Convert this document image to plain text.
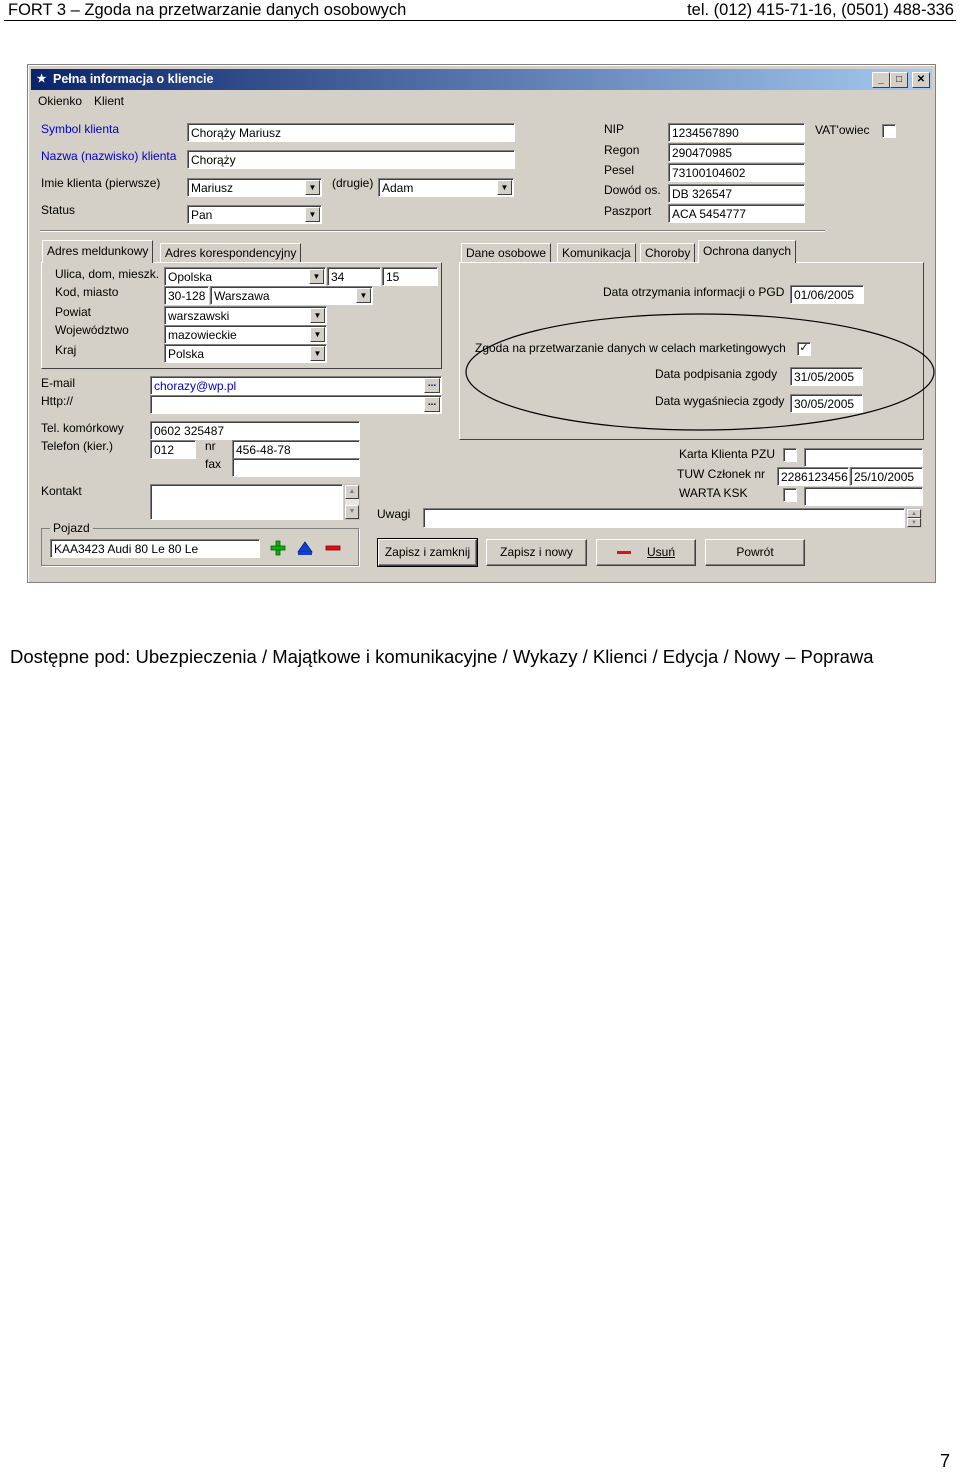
FORT 3 – Zgoda na przetwarzanie danych osobowych	tel. (012) 415-71-16, (0501) 488-336
★ Pełna informacja o kliencie	_	□	✕
Okienko Klient
Symbol klienta	Chorąży Mariusz
Nazwa (nazwisko) klienta	Chorąży
Imie klienta (pierwsze)	Mariusz	▼ (drugie) Adam	▼
Status	Pan	▼
NIP	1234567890
Regon	290470985
Pesel	73100104602
Dowód os. DB 326547
Paszport	ACA 5454777
VAT'owiec
Adres meldunkowy	Adres korespondencyjny
Ulica, dom, mieszk. Opolska	▼ 34	15
Kod, miasto	30-128 Warszawa	▼
Powiat	warszawski	▼
Województwo	mazowieckie	▼
Kraj	Polska	▼
E-mail	chorazy@wp.pl	...
Http://	...
Tel. komórkowy	0602 325487
Telefon (kier.)	012	nr	456-48-78
fax
Kontakt	▲
▼
Pojazd
KAA3423 Audi 80 Le 80 Le
Dane osobowe	Komunikacja	Choroby	Ochrona danych
Data otrzymania informacji o PGD 01/06/2005
Zgoda na przetwarzanie danych w celach marketingowych ✓
Data podpisania zgody	31/05/2005
Data wygaśniecia zgody 30/05/2005
Karta Klienta PZU
TUW Członek nr	2286123456 25/10/2005
WARTA KSK
Uwagi	▲
▼
Zapisz i zamknij	Zapisz i nowy	Usuń	Powrót
Dostępne pod: Ubezpieczenia / Majątkowe i komunikacyjne / Wykazy / Klienci / Edycja / Nowy – Poprawa
7
